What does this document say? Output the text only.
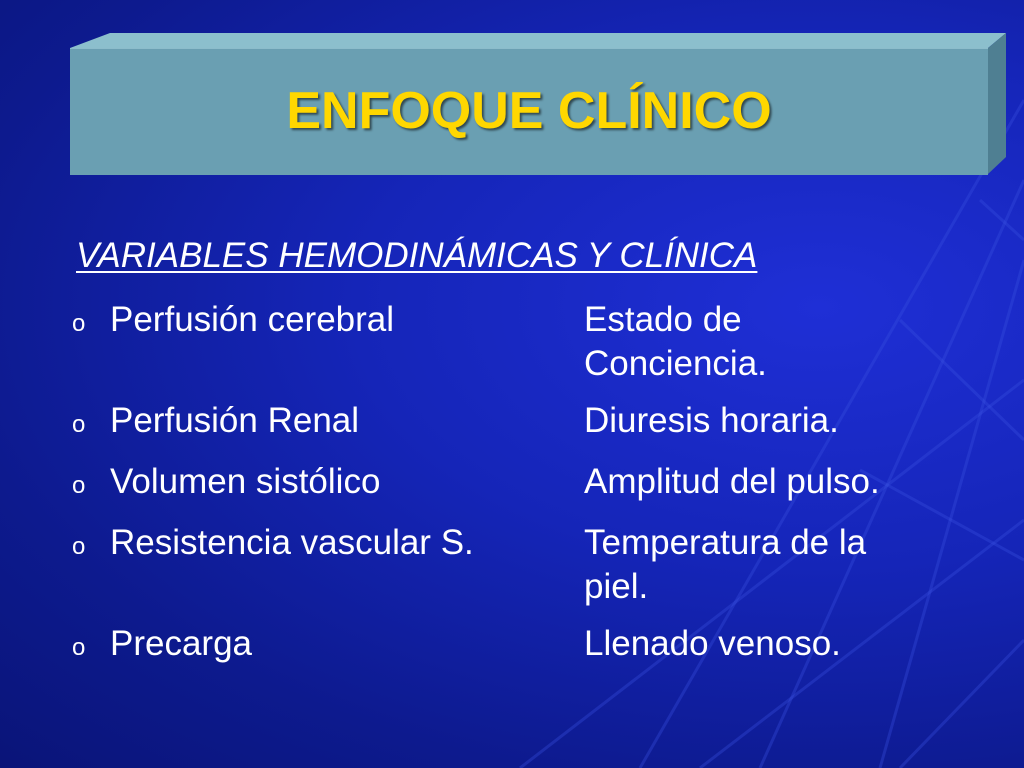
ENFOQUE CLÍNICO
VARIABLES HEMODINÁMICAS Y CLÍNICA
o Perfusión cerebral	Estado de
Conciencia.
o Perfusión Renal	Diuresis horaria.
o Volumen sistólico	Amplitud del pulso.
o Resistencia vascular S.	Temperatura de la
piel.
o Precarga	Llenado venoso.
